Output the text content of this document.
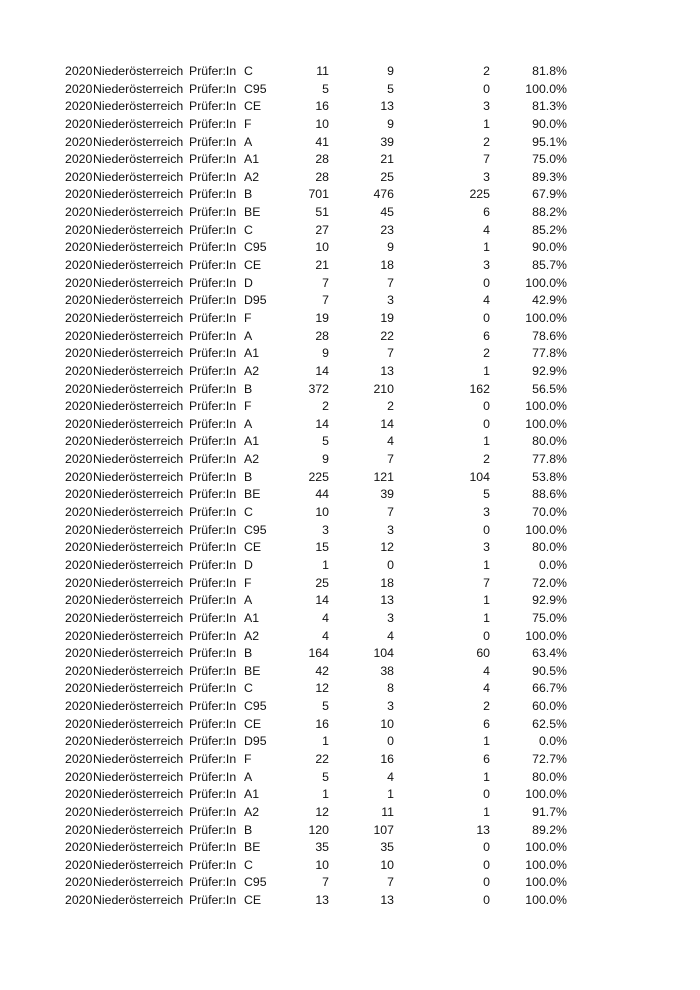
2020 Niederösterreich Prüfer:In C	11	9	2	81.8%
2020 Niederösterreich Prüfer:In C95	5	5	0	100.0%
2020 Niederösterreich Prüfer:In CE	16	13	3	81.3%
2020 Niederösterreich Prüfer:In F	10	9	1	90.0%
2020 Niederösterreich Prüfer:In A	41	39	2	95.1%
2020 Niederösterreich Prüfer:In A1	28	21	7	75.0%
2020 Niederösterreich Prüfer:In A2	28	25	3	89.3%
2020 Niederösterreich Prüfer:In B	701	476	225	67.9%
2020 Niederösterreich Prüfer:In BE	51	45	6	88.2%
2020 Niederösterreich Prüfer:In C	27	23	4	85.2%
2020 Niederösterreich Prüfer:In C95	10	9	1	90.0%
2020 Niederösterreich Prüfer:In CE	21	18	3	85.7%
2020 Niederösterreich Prüfer:In D	7	7	0	100.0%
2020 Niederösterreich Prüfer:In D95	7	3	4	42.9%
2020 Niederösterreich Prüfer:In F	19	19	0	100.0%
2020 Niederösterreich Prüfer:In A	28	22	6	78.6%
2020 Niederösterreich Prüfer:In A1	9	7	2	77.8%
2020 Niederösterreich Prüfer:In A2	14	13	1	92.9%
2020 Niederösterreich Prüfer:In B	372	210	162	56.5%
2020 Niederösterreich Prüfer:In F	2	2	0	100.0%
2020 Niederösterreich Prüfer:In A	14	14	0	100.0%
2020 Niederösterreich Prüfer:In A1	5	4	1	80.0%
2020 Niederösterreich Prüfer:In A2	9	7	2	77.8%
2020 Niederösterreich Prüfer:In B	225	121	104	53.8%
2020 Niederösterreich Prüfer:In BE	44	39	5	88.6%
2020 Niederösterreich Prüfer:In C	10	7	3	70.0%
2020 Niederösterreich Prüfer:In C95	3	3	0	100.0%
2020 Niederösterreich Prüfer:In CE	15	12	3	80.0%
2020 Niederösterreich Prüfer:In D	1	0	1	0.0%
2020 Niederösterreich Prüfer:In F	25	18	7	72.0%
2020 Niederösterreich Prüfer:In A	14	13	1	92.9%
2020 Niederösterreich Prüfer:In A1	4	3	1	75.0%
2020 Niederösterreich Prüfer:In A2	4	4	0	100.0%
2020 Niederösterreich Prüfer:In B	164	104	60	63.4%
2020 Niederösterreich Prüfer:In BE	42	38	4	90.5%
2020 Niederösterreich Prüfer:In C	12	8	4	66.7%
2020 Niederösterreich Prüfer:In C95	5	3	2	60.0%
2020 Niederösterreich Prüfer:In CE	16	10	6	62.5%
2020 Niederösterreich Prüfer:In D95	1	0	1	0.0%
2020 Niederösterreich Prüfer:In F	22	16	6	72.7%
2020 Niederösterreich Prüfer:In A	5	4	1	80.0%
2020 Niederösterreich Prüfer:In A1	1	1	0	100.0%
2020 Niederösterreich Prüfer:In A2	12	11	1	91.7%
2020 Niederösterreich Prüfer:In B	120	107	13	89.2%
2020 Niederösterreich Prüfer:In BE	35	35	0	100.0%
2020 Niederösterreich Prüfer:In C	10	10	0	100.0%
2020 Niederösterreich Prüfer:In C95	7	7	0	100.0%
2020 Niederösterreich Prüfer:In CE	13	13	0	100.0%
